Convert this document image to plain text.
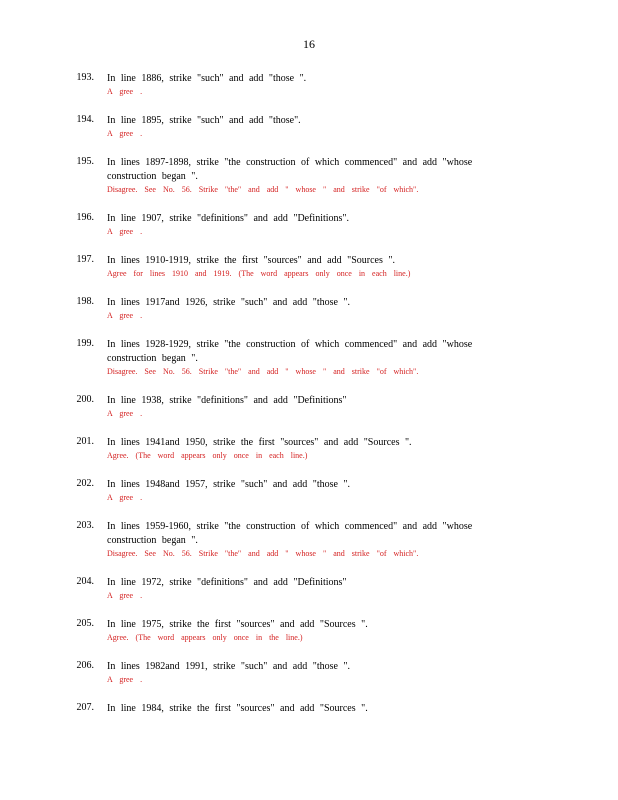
16
193. In line 1886, strike "such" and add "those ".
A gree .
194. In line 1895, strike "such" and add "those".
A gree .
195. In lines 1897-1898, strike "the construction of which commenced" and add "whose
construction began ".
Disagree. See No. 56. Strike "the" and add " whose " and strike "of which".
196. In line 1907, strike "definitions" and add "Definitions".
A gree .
197. In lines 1910-1919, strike the first "sources" and add "Sources ".
Agree for lines 1910 and 1919. (The word appears only once in each line.)
198. In lines 1917and 1926, strike "such" and add "those ".
A gree .
199. In lines 1928-1929, strike "the construction of which commenced" and add "whose
construction began ".
Disagree. See No. 56. Strike "the" and add " whose " and strike "of which".
200. In line 1938, strike "definitions" and add "Definitions"
A gree .
201. In lines 1941and 1950, strike the first "sources" and add "Sources ".
Agree. (The word appears only once in each line.)
202. In lines 1948and 1957, strike "such" and add "those ".
A gree .
203. In lines 1959-1960, strike "the construction of which commenced" and add "whose
construction began ".
Disagree. See No. 56. Strike "the" and add " whose " and strike "of which".
204. In line 1972, strike "definitions" and add "Definitions"
A gree .
205. In line 1975, strike the first "sources" and add "Sources ".
Agree. (The word appears only once in the line.)
206. In lines 1982and 1991, strike "such" and add "those ".
A gree .
207. In line 1984, strike the first "sources" and add "Sources ".
